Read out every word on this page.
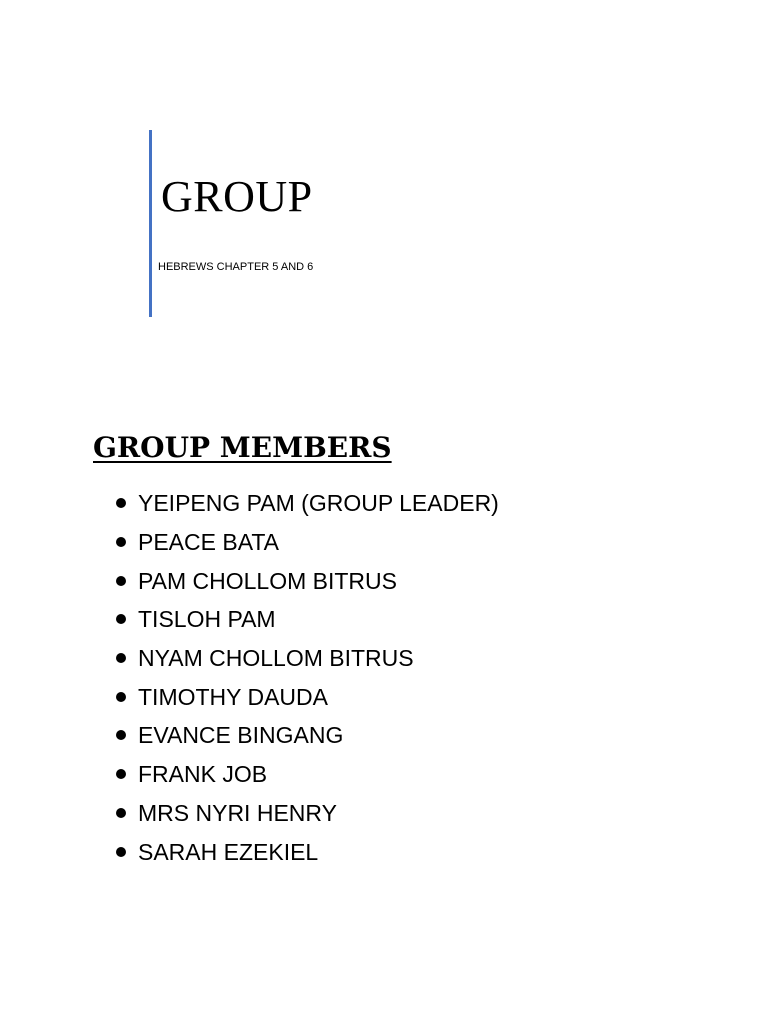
GROUP

HEBREWS CHAPTER 5 AND 6

GROUP MEMBERS
YEIPENG PAM (GROUP LEADER)
PEACE BATA
PAM CHOLLOM BITRUS
TISLOH PAM
NYAM CHOLLOM BITRUS
TIMOTHY DAUDA
EVANCE BINGANG
FRANK JOB
MRS NYRI HENRY
SARAH EZEKIEL
